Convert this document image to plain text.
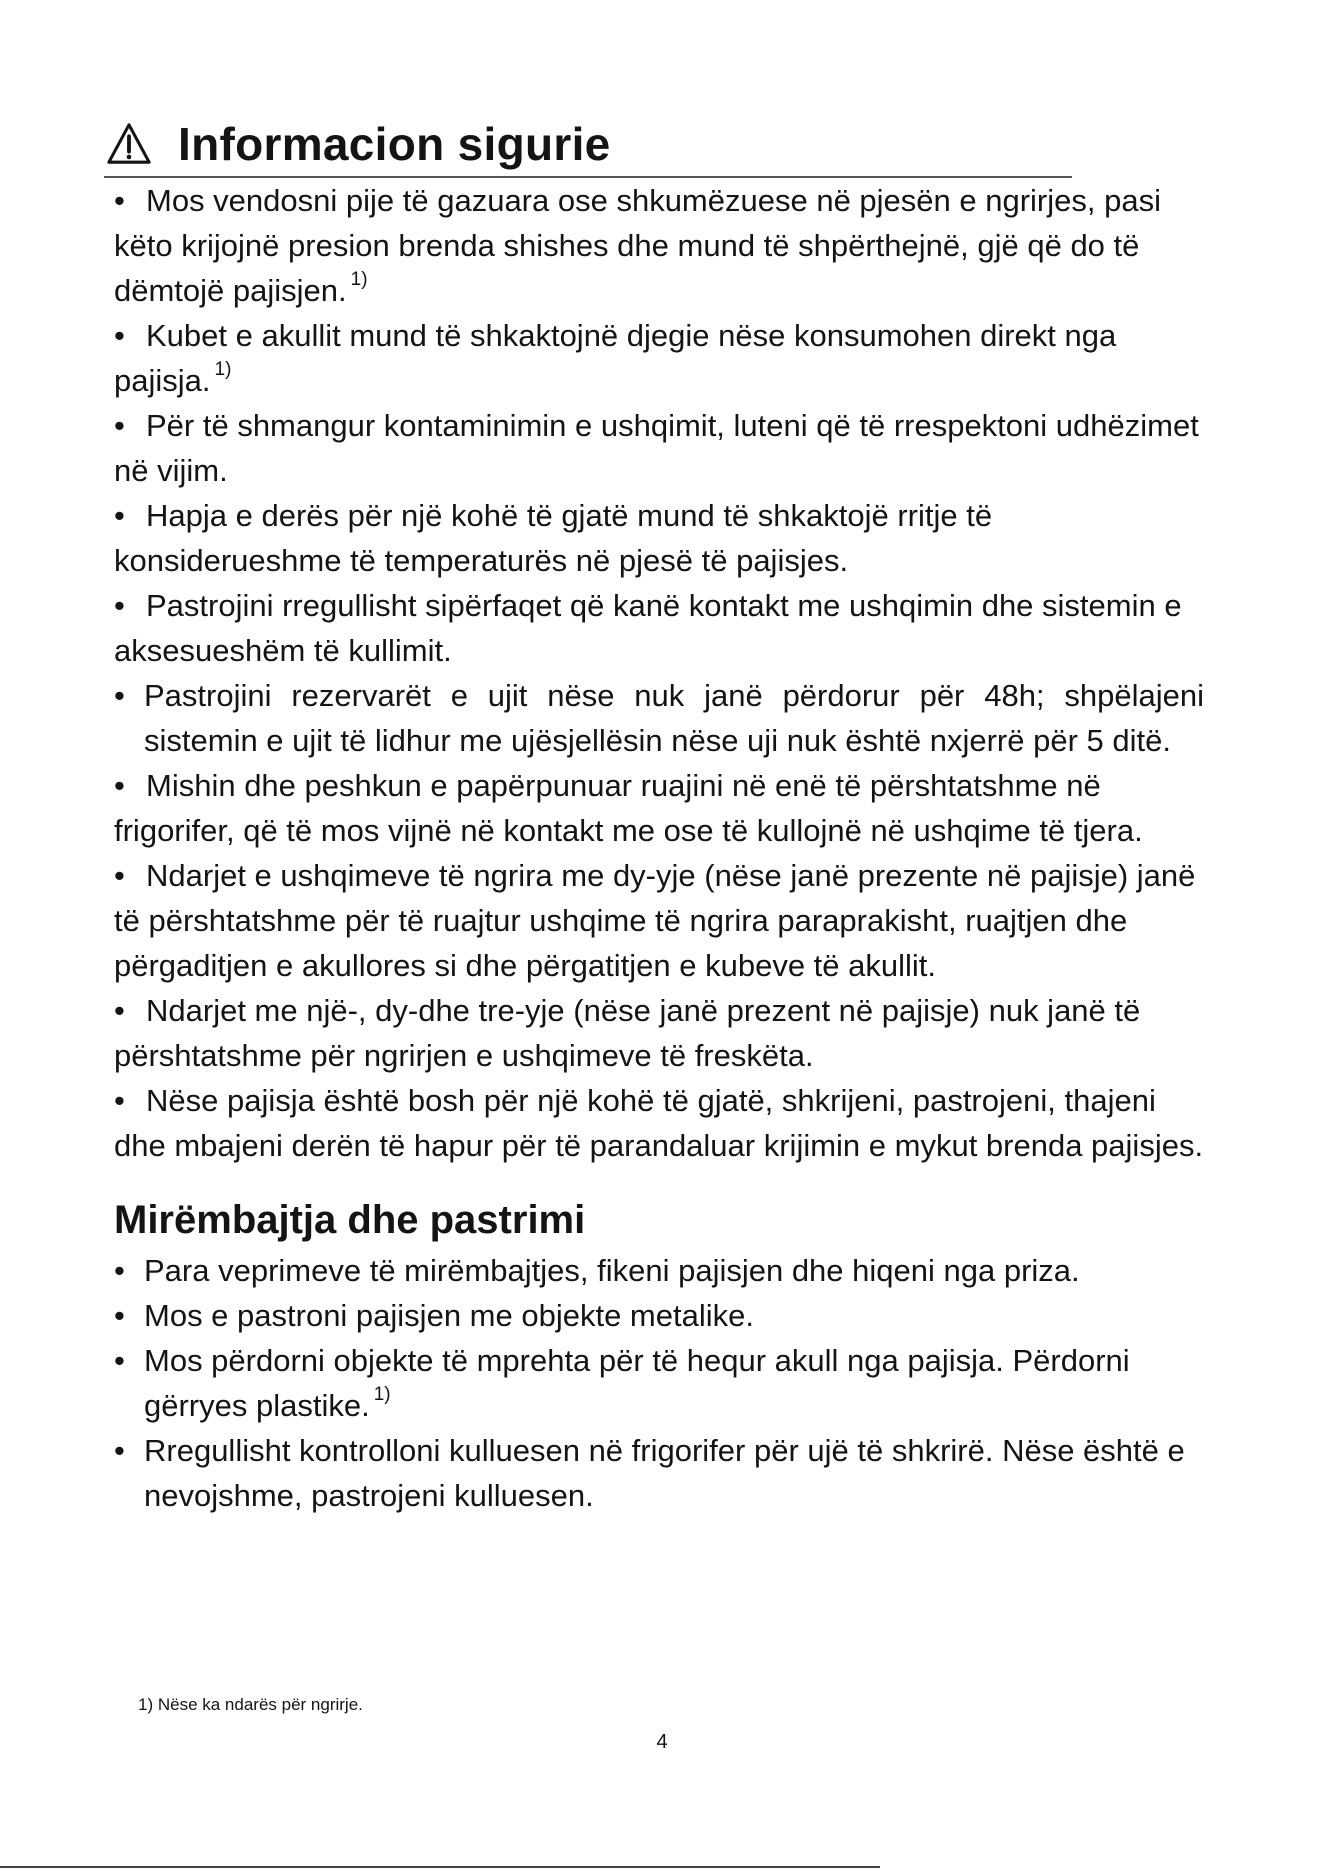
Informacion sigurie
• Mos vendosni pije të gazuara ose shkumëzuese në pjesën e ngrirjes, pasi këto krijojnë presion brenda shishes dhe mund të shpërthejnë, gjë që do të dëmtojë pajisjen. $^{1)}$
• Kubet e akullit mund të shkaktojnë djegie nëse konsumohen direkt nga pajisja. $^{1)}$
• Për të shmangur kontaminimin e ushqimit, luteni që të rrespektoni udhëzimet në vijim.
• Hapja e derës për një kohë të gjatë mund të shkaktojë rritje të konsiderueshme të temperaturës në pjesë të pajisjes.
• Pastrojini rregullisht sipërfaqet që kanë kontakt me ushqimin dhe sistemin e aksesueshëm të kullimit.
• Pastrojini rezervarët e ujit nëse nuk janë përdorur për 48h; shpëlajeni sistemin e ujit të lidhur me ujësjellësin nëse uji nuk është nxjerrë për 5 ditë.
• Mishin dhe peshkun e papërpunuar ruajini në enë të përshtatshme në frigorifer, që të mos vijnë në kontakt me ose të kullojnë në ushqime të tjera.
• Ndarjet e ushqimeve të ngrira me dy-yje (nëse janë prezente në pajisje) janë të përshtatshme për të ruajtur ushqime të ngrira paraprakisht, ruajtjen dhe përgaditjen e akullores si dhe përgatitjen e kubeve të akullit.
• Ndarjet me një-, dy-dhe tre-yje (nëse janë prezent në pajisje) nuk janë të përshtatshme për ngrirjen e ushqimeve të freskëta.
• Nëse pajisja është bosh për një kohë të gjatë, shkrijeni, pastrojeni, thajeni dhe mbajeni derën të hapur për të parandaluar krijimin e mykut brenda pajisjes.
Mirëmbajtja dhe pastrimi
• Para veprimeve të mirëmbajtjes, fikeni pajisjen dhe hiqeni nga priza.
• Mos e pastroni pajisjen me objekte metalike.
• Mos përdorni objekte të mprehta për të hequr akull nga pajisja. Përdorni gërryes plastike. $^{1)}$
• Rregullisht kontrolloni kulluesen në frigorifer për ujë të shkrirë. Nëse është e nevojshme, pastrojeni kulluesen.
1) Nëse ka ndarës për ngrirje.
4
